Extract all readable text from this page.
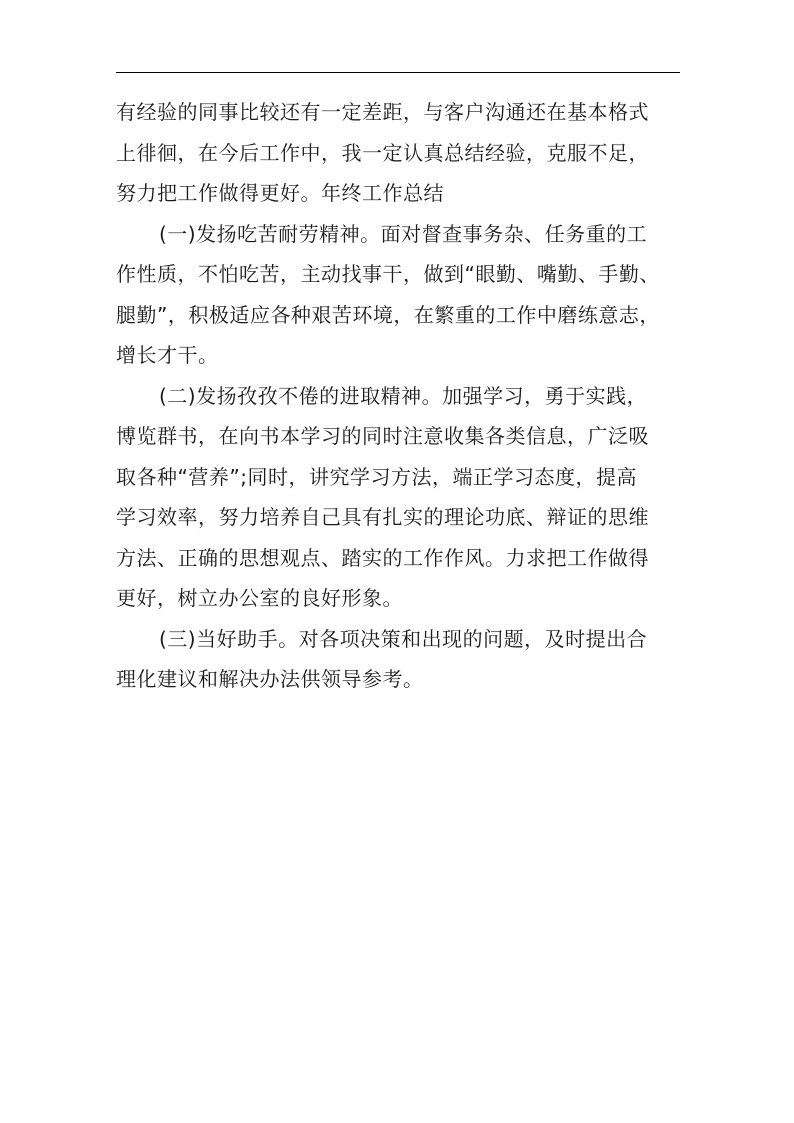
有经验的同事比较还有一定差距，与客户沟通还在基本格式
上徘徊，在今后工作中，我一定认真总结经验，克服不足，
努力把工作做得更好。年终工作总结
(一)发扬吃苦耐劳精神。面对督查事务杂、任务重的工
作性质，不怕吃苦，主动找事干，做到“眼勤、嘴勤、手勤、
腿勤”，积极适应各种艰苦环境，在繁重的工作中磨练意志，
增长才干。
(二)发扬孜孜不倦的进取精神。加强学习，勇于实践，
博览群书，在向书本学习的同时注意收集各类信息，广泛吸
取各种“营养”;同时，讲究学习方法，端正学习态度，提高
学习效率，努力培养自己具有扎实的理论功底、辩证的思维
方法、正确的思想观点、踏实的工作作风。力求把工作做得
更好，树立办公室的良好形象。
(三)当好助手。对各项决策和出现的问题，及时提出合
理化建议和解决办法供领导参考。
